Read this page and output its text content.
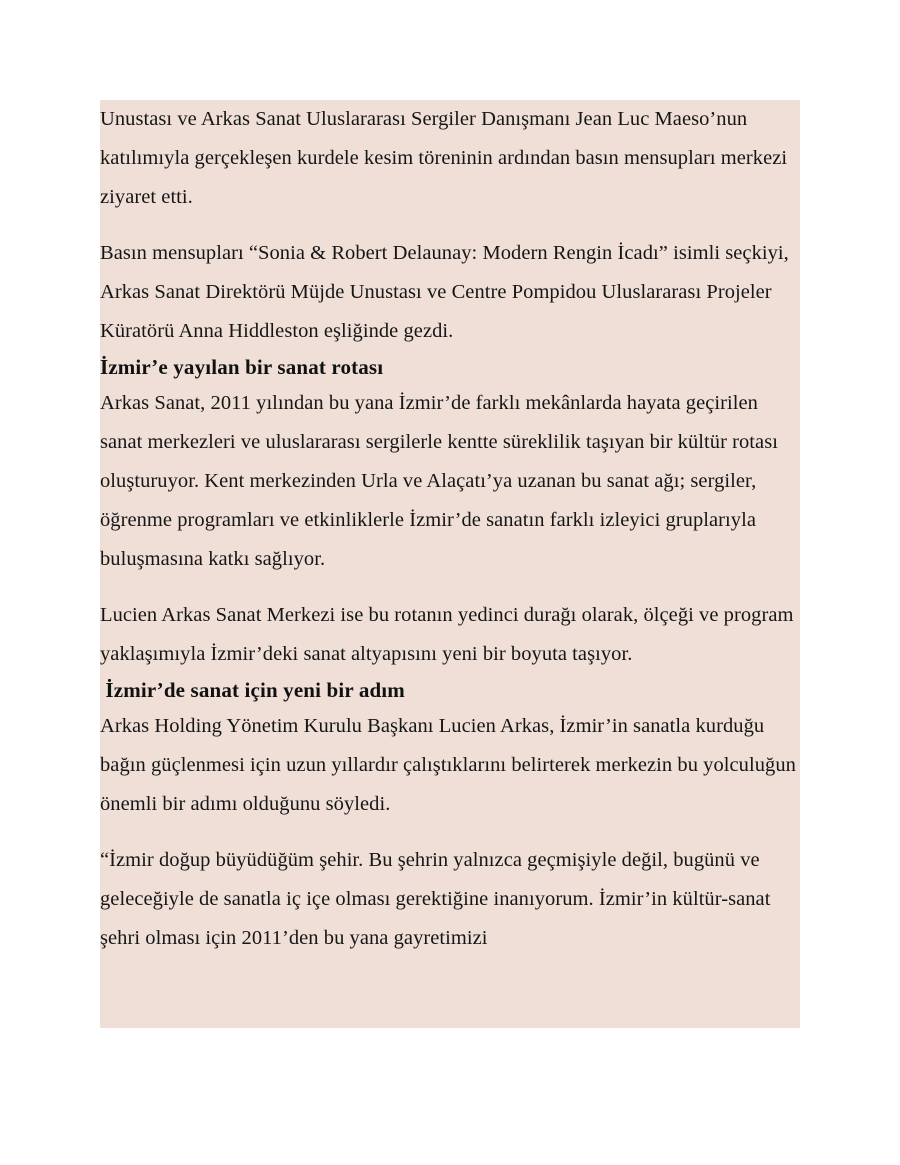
Unustası ve Arkas Sanat Uluslararası Sergiler Danışmanı Jean Luc Maeso’nun katılımıyla gerçekleşen kurdele kesim töreninin ardından basın mensupları merkezi ziyaret etti.

Basın mensupları “Sonia & Robert Delaunay: Modern Rengin İcadı” isimli seçkiyi, Arkas Sanat Direktörü Müjde Unustası ve Centre Pompidou Uluslararası Projeler Küratörü Anna Hiddleston eşliğinde gezdi.

İzmir’e yayılan bir sanat rotası

Arkas Sanat, 2011 yılından bu yana İzmir’de farklı mekânlarda hayata geçirilen sanat merkezleri ve uluslararası sergilerle kentte süreklilik taşıyan bir kültür rotası oluşturuyor. Kent merkezinden Urla ve Alaçatı’ya uzanan bu sanat ağı; sergiler, öğrenme programları ve etkinliklerle İzmir’de sanatın farklı izleyici gruplarıyla buluşmasına katkı sağlıyor.

Lucien Arkas Sanat Merkezi ise bu rotanın yedinci durağı olarak, ölçeği ve program yaklaşımıyla İzmir’deki sanat altyapısını yeni bir boyuta taşıyor.

İzmir’de sanat için yeni bir adım

Arkas Holding Yönetim Kurulu Başkanı Lucien Arkas, İzmir’in sanatla kurduğu bağın güçlenmesi için uzun yıllardır çalıştıklarını belirterek merkezin bu yolculuğun önemli bir adımı olduğunu söyledi.

“İzmir doğup büyüdüğüm şehir. Bu şehrin yalnızca geçmişiyle değil, bugünü ve geleceğiyle de sanatla iç içe olması gerektiğine inanıyorum. İzmir’in kültür-sanat şehri olması için 2011’den bu yana gayretimizi
